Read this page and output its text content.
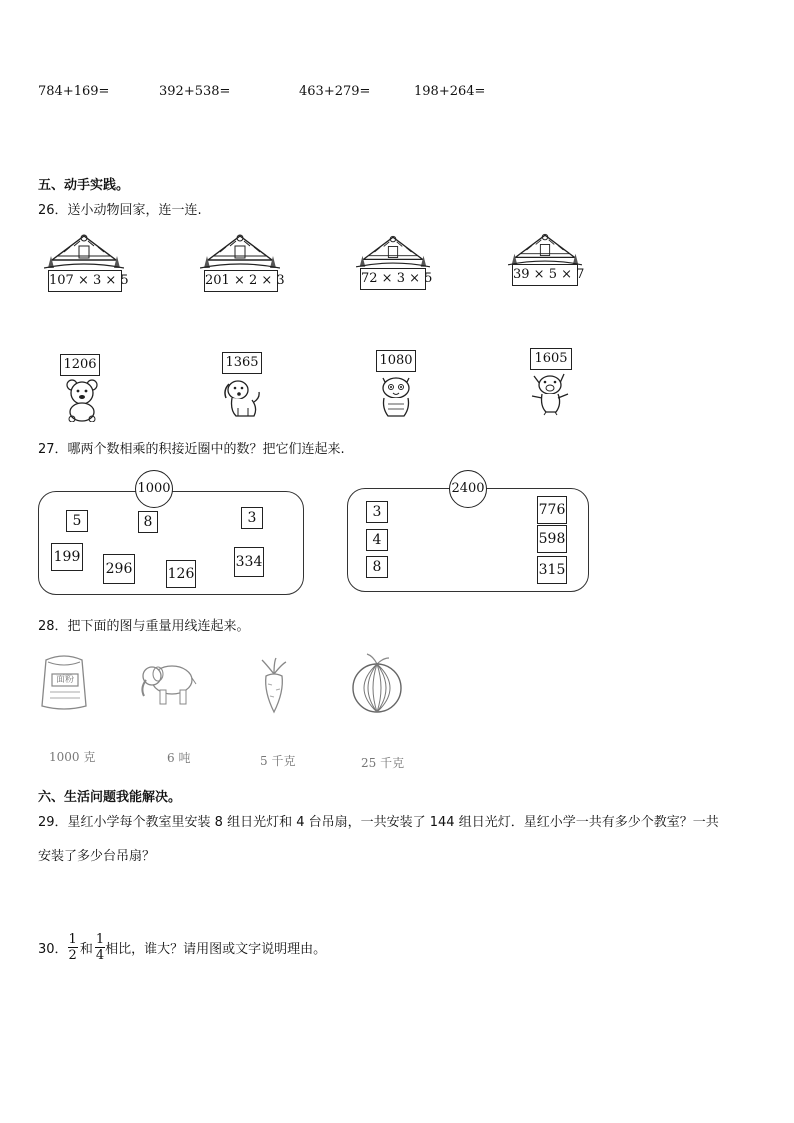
784+169=	392+538=	463+279=	198+264=
五、动手实践。
26．送小动物回家，连一连.
107 × 3 × 5	201 × 2 × 3	72 × 3 × 5	39 × 5 × 7
1206	1365	1080	1605
27．哪两个数相乘的积接近圈中的数？把它们连起来.
1000
5	8	3
199
296	126
334
2400
3
4
8
776
598
315
28．把下面的图与重量用线连起来。
面粉
1000 克	6 吨	5 千克	25 千克
六、生活问题我能解决。
29．星红小学每个教室里安装 8 组日光灯和 4 台吊扇，一共安装了 144 组日光灯．星红小学一共有多少个教室？一共
安装了多少台吊扇？
30． $\frac{1}{2}$ 和 $\frac{1}{4}$ 相比，谁大？请用图或文字说明理由。
